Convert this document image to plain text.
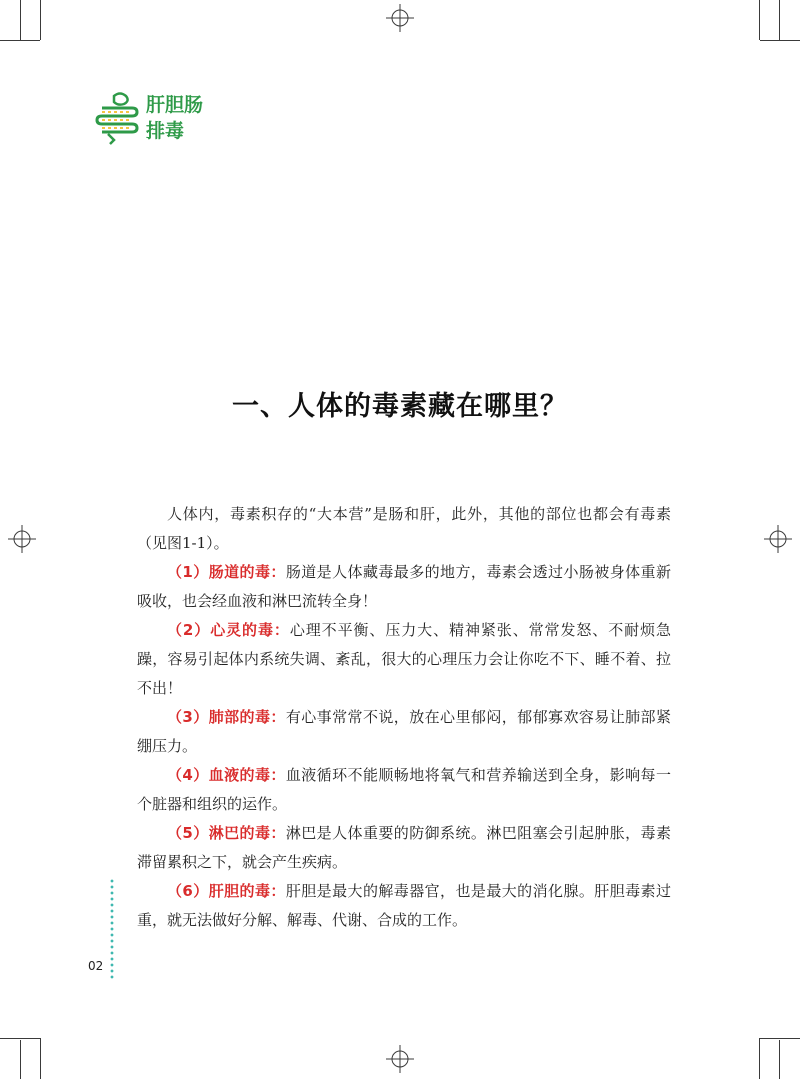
肝胆肠
排毒
一、人体的毒素藏在哪里？

人体内，毒素积存的“大本营”是肠和肝，此外，其他的部位也都会有毒素（见图1-1）。

（1）肠道的毒：肠道是人体藏毒最多的地方，毒素会透过小肠被身体重新吸收，也会经血液和淋巴流转全身！

（2）心灵的毒：心理不平衡、压力大、精神紧张、常常发怒、不耐烦急躁，容易引起体内系统失调、紊乱，很大的心理压力会让你吃不下、睡不着、拉不出！

（3）肺部的毒：有心事常常不说，放在心里郁闷，郁郁寡欢容易让肺部紧绷压力。

（4）血液的毒：血液循环不能顺畅地将氧气和营养输送到全身，影响每一个脏器和组织的运作。

（5）淋巴的毒：淋巴是人体重要的防御系统。淋巴阻塞会引起肿胀，毒素滞留累积之下，就会产生疾病。

（6）肝胆的毒：肝胆是最大的解毒器官，也是最大的消化腺。肝胆毒素过重，就无法做好分解、解毒、代谢、合成的工作。

02
